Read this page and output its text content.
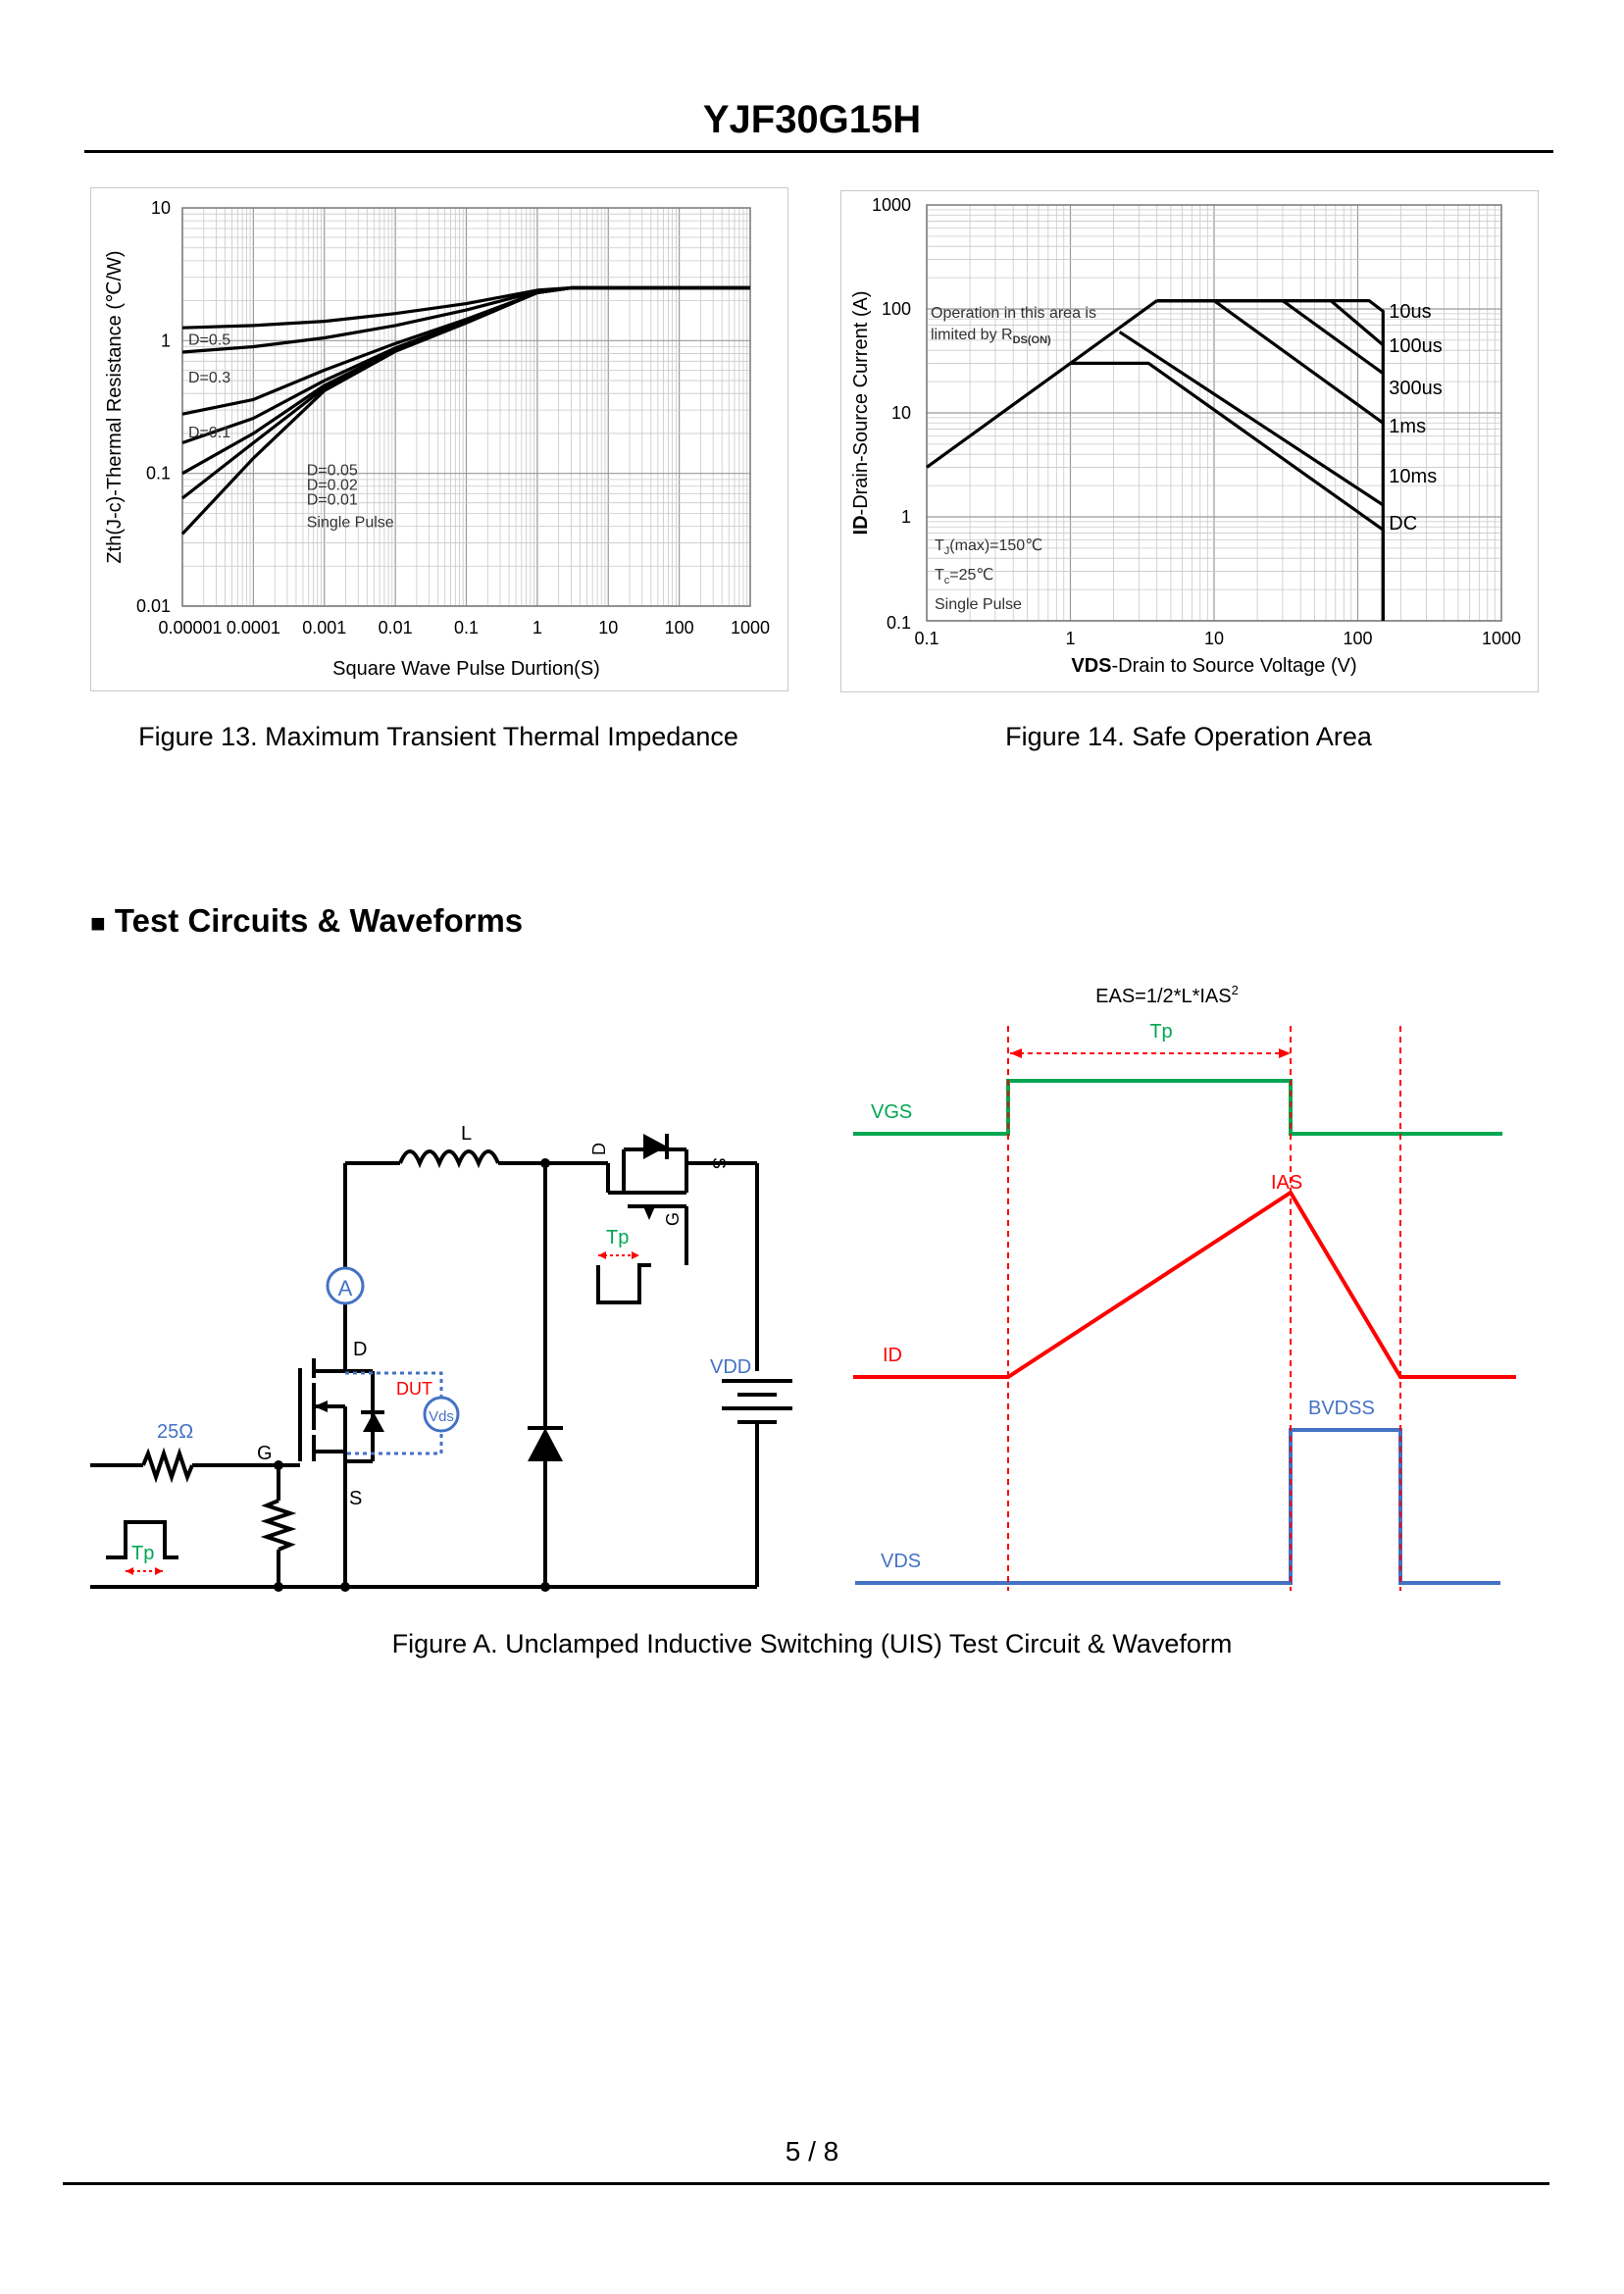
YJF30G15H
0.00001 0.0001 0.001 0.01 0.1	1	10	100 1000
10
1
0.1
0.01
Square Wave Pulse Durtion(S)
Zth(J-c)-Thermal Resistance (℃/W)	D=0.5
D=0.3
D=0.1
D=0.05
D=0.02
D=0.01
Single Pulse
Figure 13. Maximum Transient Thermal Impedance
0.1	1	10	100	1000
1000
100
10
1
0.1
VDS-Drain to Source Voltage (V)
ID-Drain-Source Current (A)	Operation in this area is
limited by $R_{DS(ON)}$
$T_J(\max)=150℃$
$T_c=25℃$
Single Pulse
10us
100us
300us
1ms
10ms
DC
Figure 14. Safe Operation Area
■ Test Circuits & Waveforms
A
Vds
L
D
DUT
25Ω
G
S
VDD
Tp
Tp
D
S
G
$EAS=1/2*L*IAS^2$
Tp
VGS
ID
IAS
VDS
BVDSS
Figure A. Unclamped Inductive Switching (UIS) Test Circuit & Waveform
5 / 8
